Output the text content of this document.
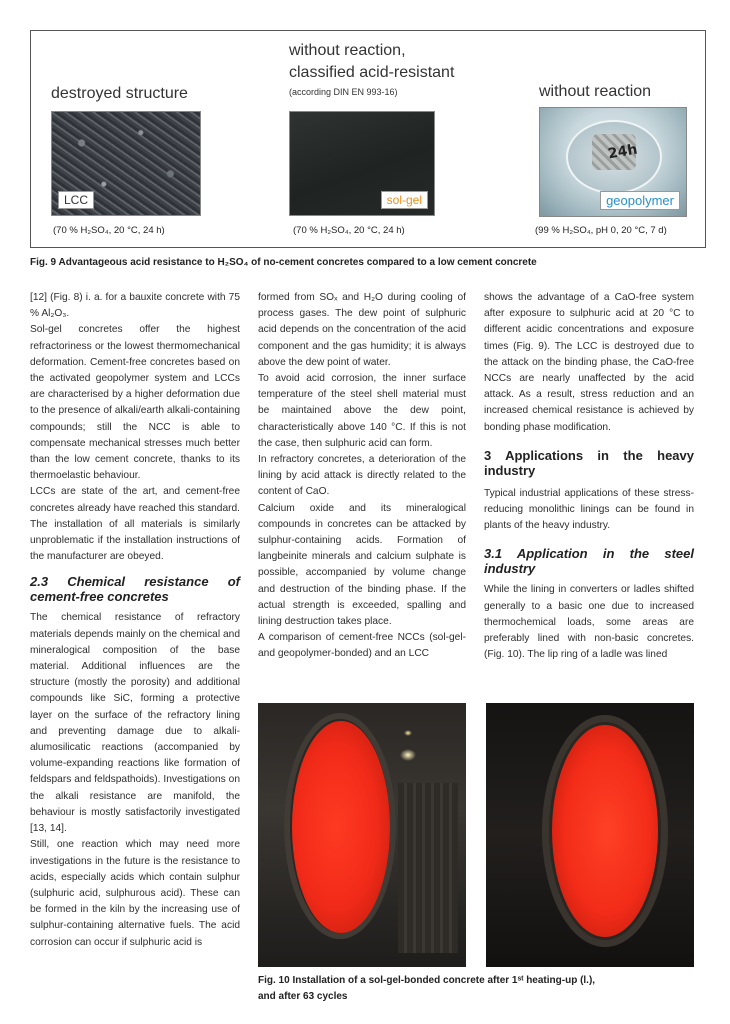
destroyed structure
without reaction,
classified acid-resistant
(according DIN EN 993-16)	without reaction
LCC	sol-gel
24h
geopolymer
(70 % H₂SO₄, 20 °C, 24 h)	(70 % H₂SO₄, 20 °C, 24 h)	(99 % H₂SO₄, pH 0, 20 °C, 7 d)
Fig. 9 Advantageous acid resistance to H₂SO₄ of no-cement concretes compared to a low cement concrete

[12] (Fig. 8) i. a. for a bauxite concrete with 75 % Al₂O₃.

Sol-gel concretes offer the highest refractoriness or the lowest thermomechanical deformation. Cement-free concretes based on the activated geopolymer system and LCCs are characterised by a higher deformation due to the presence of alkali/earth alkali-containing compounds; still the NCC is able to compensate mechanical stresses much better than the low cement concrete, thanks to its thermoelastic behaviour.

LCCs are state of the art, and cement-free concretes already have reached this standard. The installation of all materials is similarly unproblematic if the installation instructions of the manufacturer are obeyed.

2.3 Chemical resistance of cement-free concretes

The chemical resistance of refractory materials depends mainly on the chemical and mineralogical composition of the base material. Additional influences are the structure (mostly the porosity) and additional compounds like SiC, forming a protective layer on the surface of the refractory lining and preventing damage due to alkali-alumosilicatic reactions (accompanied by volume-expanding reactions like formation of feldspars and feldspathoids). Investigations on the alkali resistance are manifold, the behaviour is mostly satisfactorily investigated [13, 14].

Still, one reaction which may need more investigations in the future is the resistance to acids, especially acids which contain sulphur (sulphuric acid, sulphurous acid). These can be formed in the kiln by the increasing use of sulphur-containing alternative fuels. The acid corrosion can occur if sulphuric acid is

formed from SOₓ and H₂O during cooling of process gases. The dew point of sulphuric acid depends on the concentration of the acid component and the gas humidity; it is always above the dew point of water.

To avoid acid corrosion, the inner surface temperature of the steel shell material must be maintained above the dew point, characteristically above 140 °C. If this is not the case, then sulphuric acid can form.

In refractory concretes, a deterioration of the lining by acid attack is directly related to the content of CaO.

Calcium oxide and its mineralogical compounds in concretes can be attacked by sulphur-containing acids. Formation of langbeinite minerals and calcium sulphate is possible, accompanied by volume change and destruction of the binding phase. If the actual strength is exceeded, spalling and lining destruction takes place.

A comparison of cement-free NCCs (sol-gel- and geopolymer-bonded) and an LCC

shows the advantage of a CaO-free system after exposure to sulphuric acid at 20 °C to different acidic concentrations and exposure times (Fig. 9). The LCC is destroyed due to the attack on the binding phase, the CaO-free NCCs are nearly unaffected by the acid attack. As a result, stress reduction and an increased chemical resistance is achieved by bonding phase modification.

3 Applications in the heavy industry

Typical industrial applications of these stress-reducing monolithic linings can be found in plants of the heavy industry.

3.1 Application in the steel industry

While the lining in converters or ladles shifted generally to a basic one due to increased thermochemical loads, some areas are preferably lined with non-basic concretes. (Fig. 10). The lip ring of a ladle was lined

Fig. 10 Installation of a sol-gel-bonded concrete after 1ˢᵗ heating-up (l.),
and after 63 cycles
